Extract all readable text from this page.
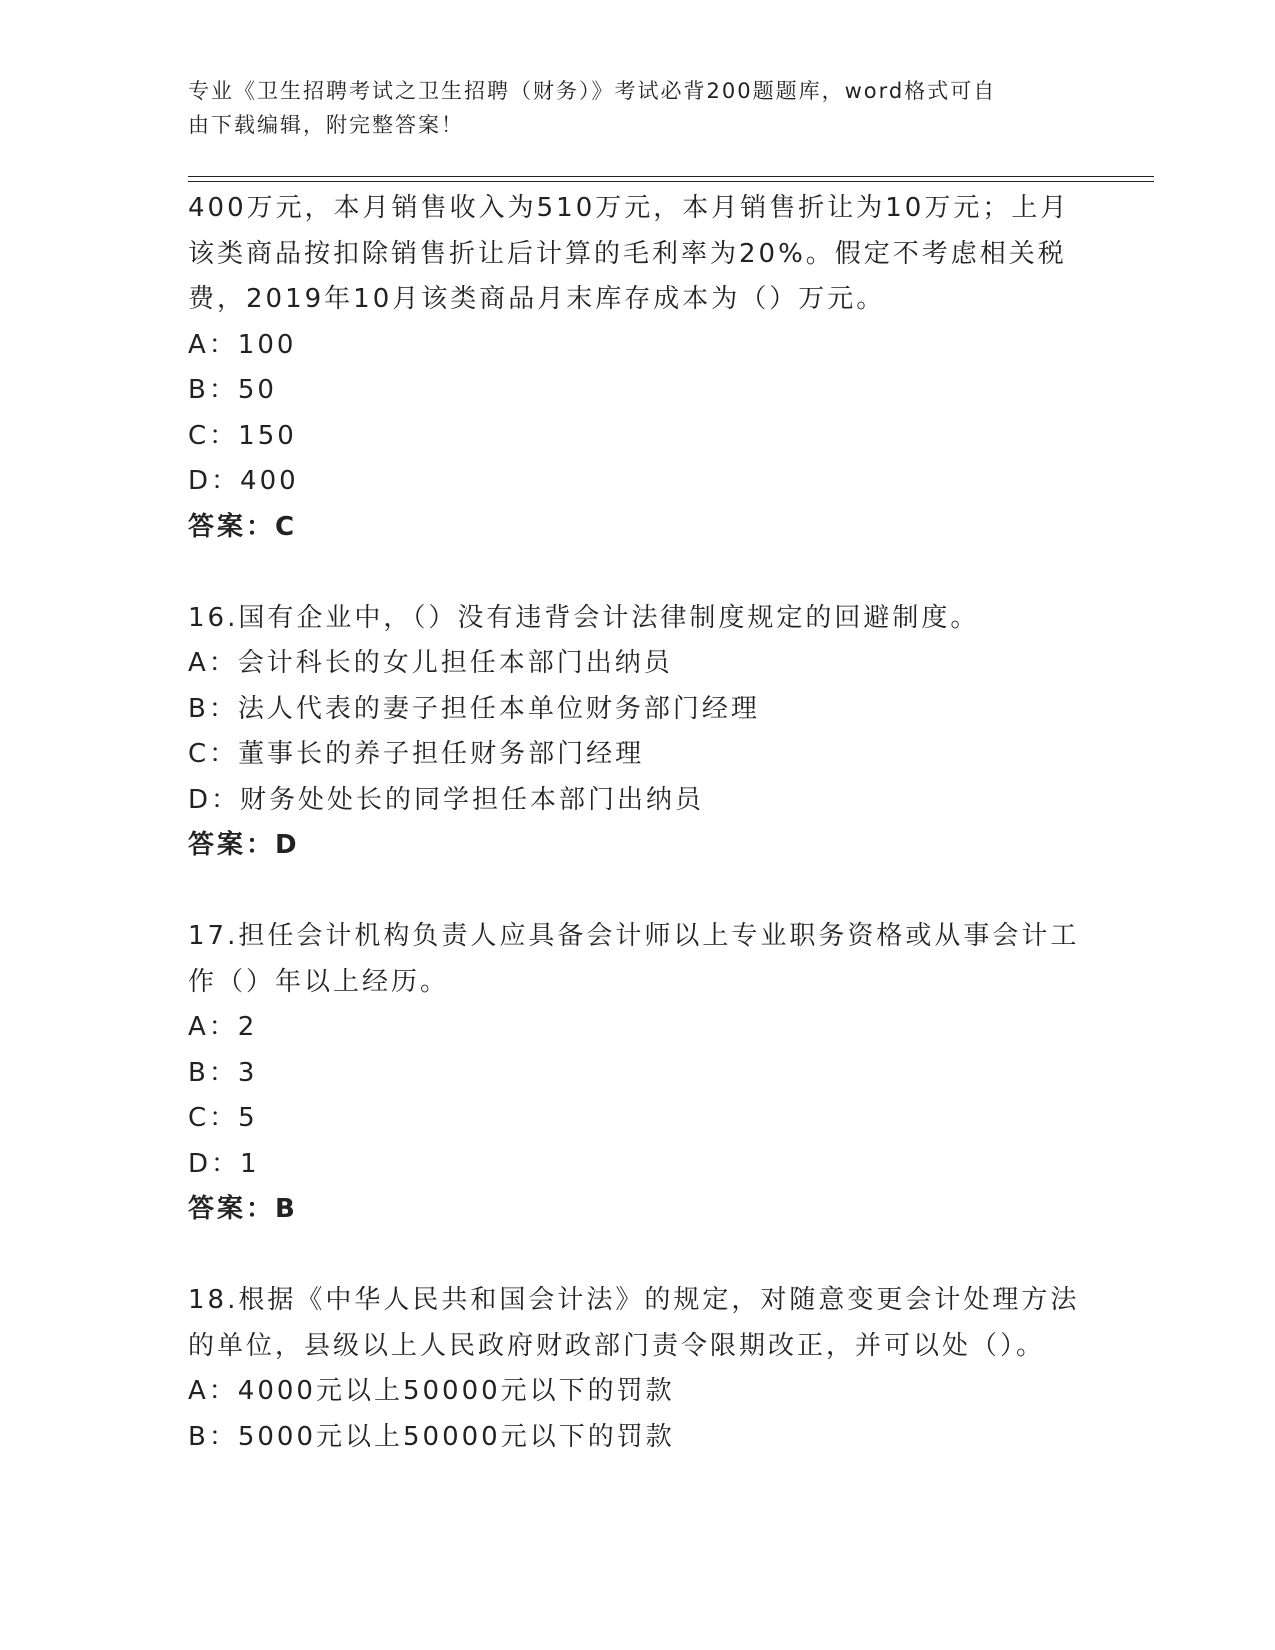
专业《卫生招聘考试之卫生招聘（财务）》考试必背200题题库，word格式可自
由下载编辑，附完整答案！

400万元，本月销售收入为510万元，本月销售折让为10万元；上月

该类商品按扣除销售折让后计算的毛利率为20%。假定不考虑相关税

费，2019年10月该类商品月末库存成本为（）万元。

A：100

B：50

C：150

D：400

答案：C

16.国有企业中，（）没有违背会计法律制度规定的回避制度。

A：会计科长的女儿担任本部门出纳员

B：法人代表的妻子担任本单位财务部门经理

C：董事长的养子担任财务部门经理

D：财务处处长的同学担任本部门出纳员

答案：D

17.担任会计机构负责人应具备会计师以上专业职务资格或从事会计工

作（）年以上经历。

A：2

B：3

C：5

D：1

答案：B

18.根据《中华人民共和国会计法》的规定，对随意变更会计处理方法

的单位，县级以上人民政府财政部门责令限期改正，并可以处（）。

A：4000元以上50000元以下的罚款

B：5000元以上50000元以下的罚款
